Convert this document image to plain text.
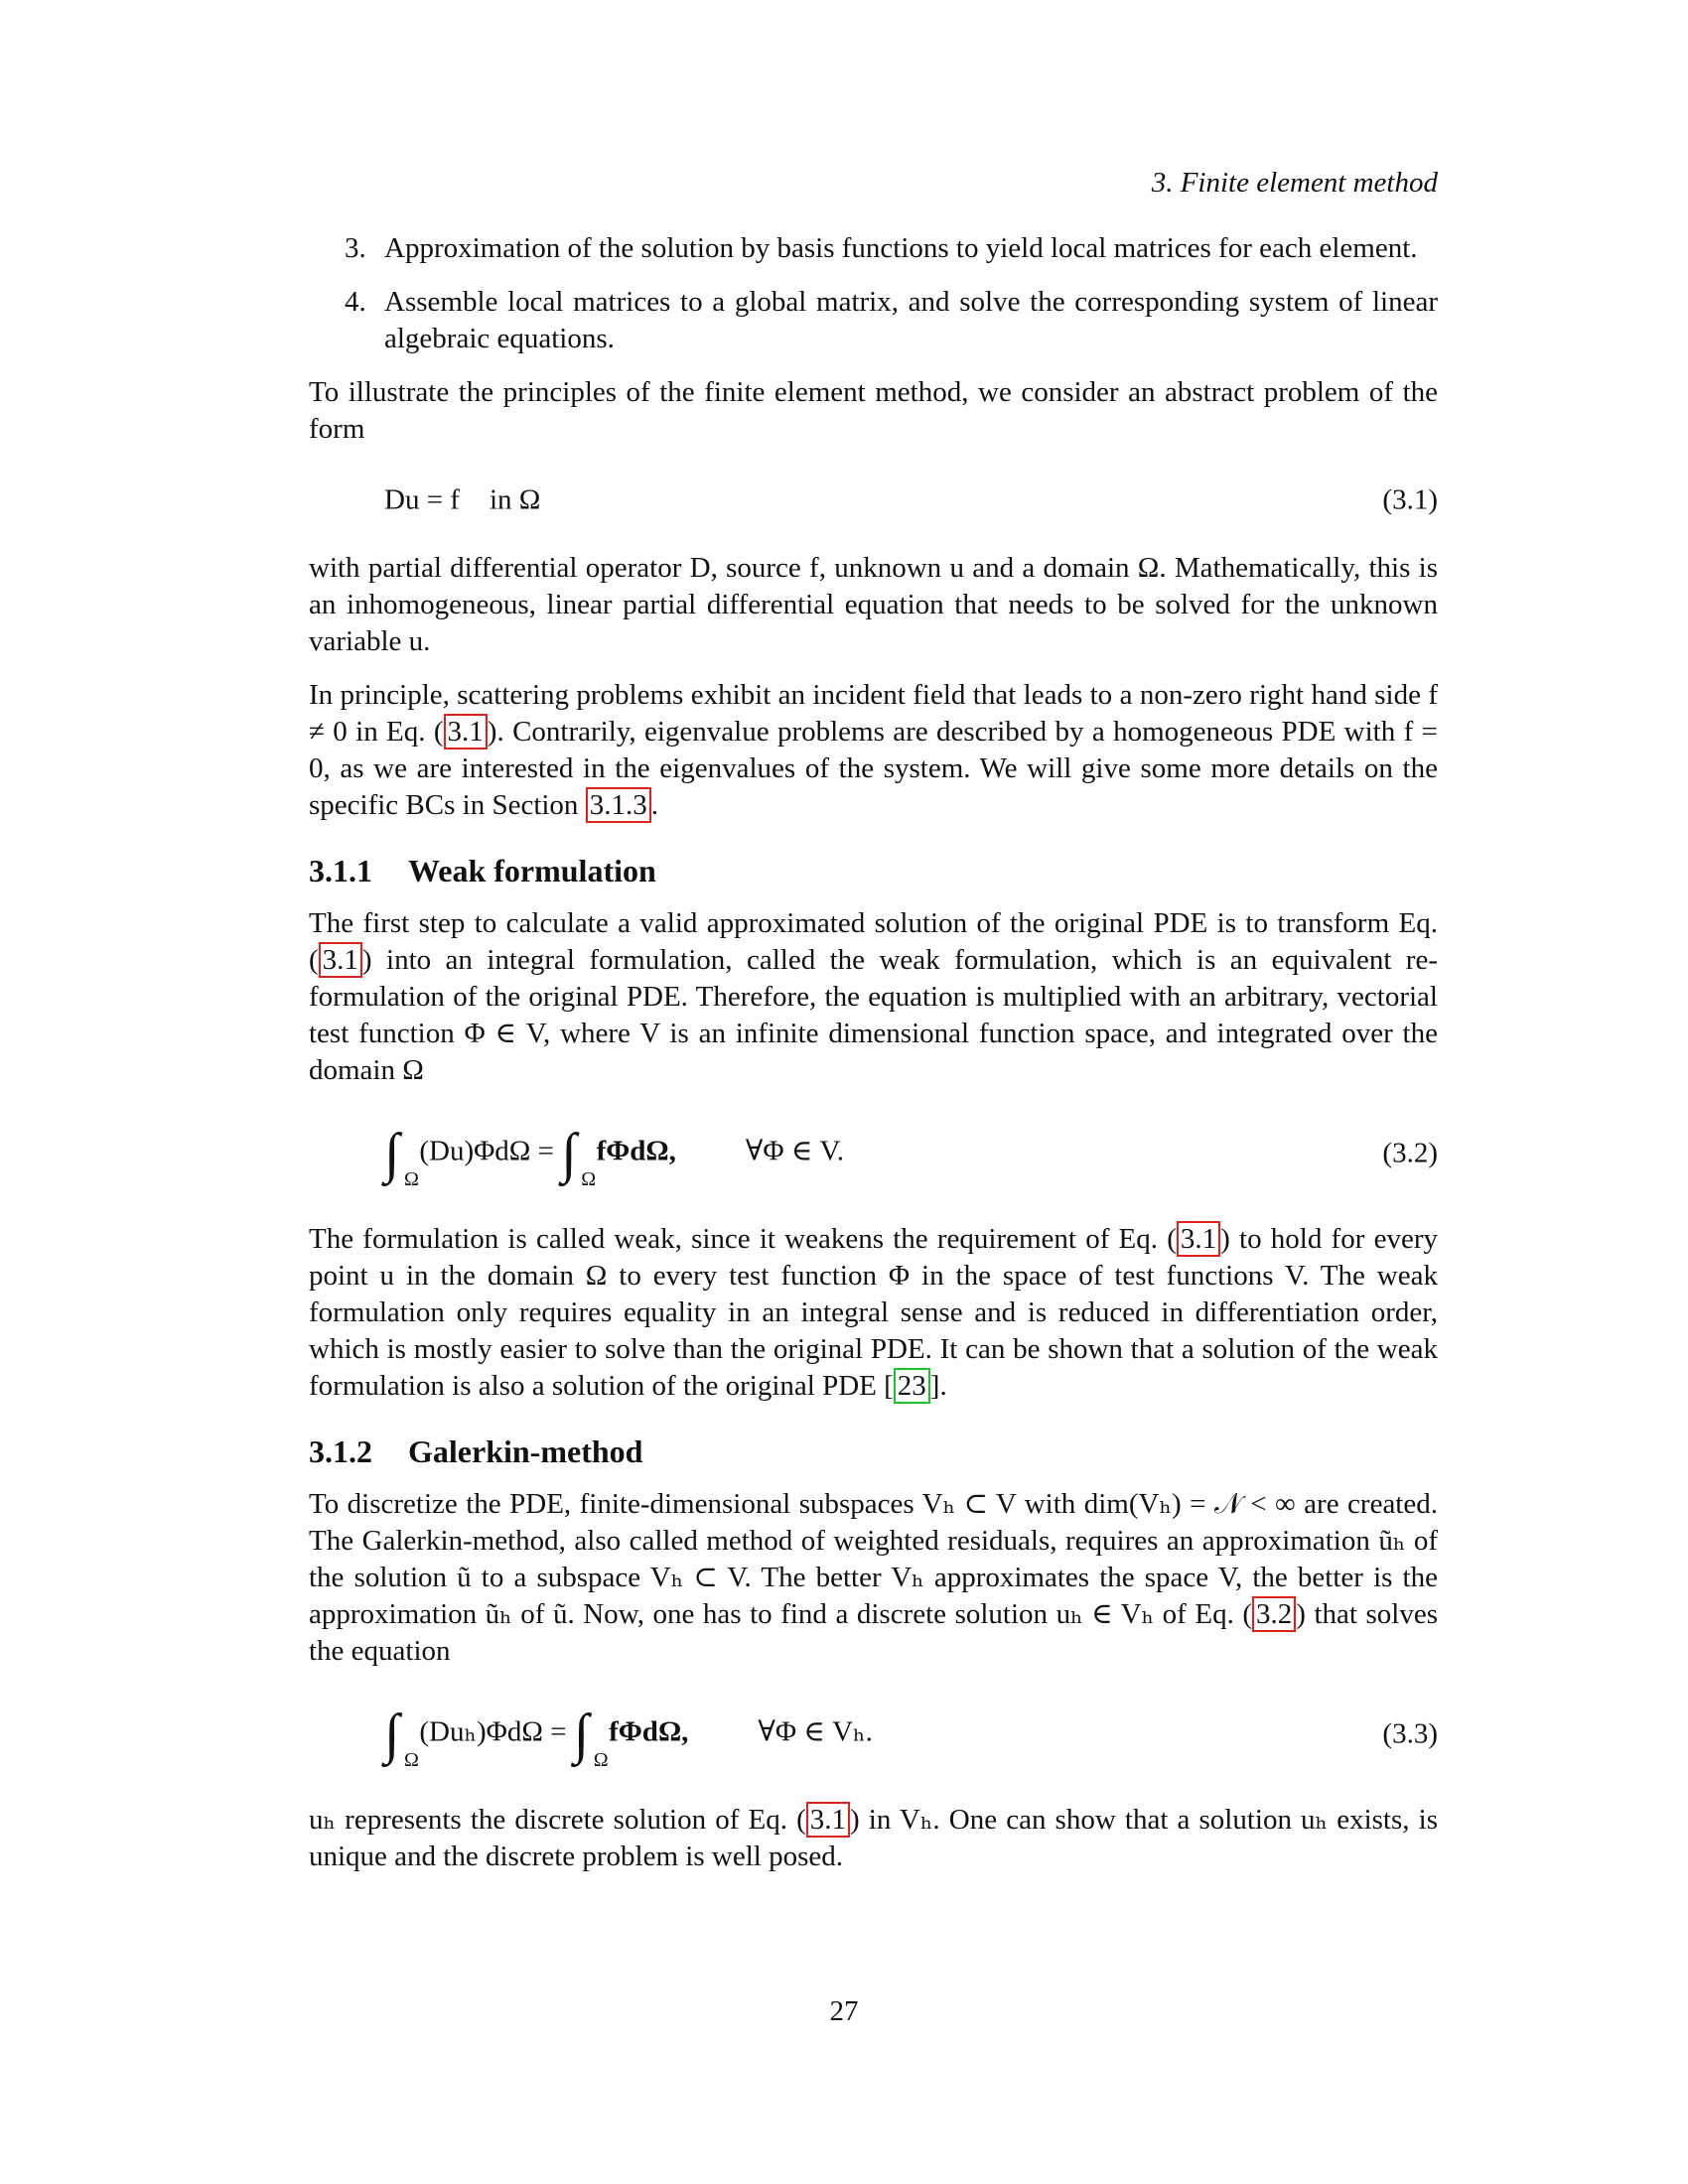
3. Finite element method
3. Approximation of the solution by basis functions to yield local matrices for each element.
4. Assemble local matrices to a global matrix, and solve the corresponding system of linear algebraic equations.

To illustrate the principles of the finite element method, we consider an abstract problem of the form

Du = f in Ω	(3.1)

with partial differential operator D, source f, unknown u and a domain Ω. Mathematically, this is an inhomogeneous, linear partial differential equation that needs to be solved for the unknown variable u.

In principle, scattering problems exhibit an incident field that leads to a non-zero right hand side f ≠ 0 in Eq. ( 3.1 ). Contrarily, eigenvalue problems are described by a homogeneous PDE with f = 0, as we are interested in the eigenvalues of the system. We will give some more details on the specific BCs in Section 3.1.3 .

3.1.1 Weak formulation

The first step to calculate a valid approximated solution of the original PDE is to transform Eq. ( 3.1 ) into an integral formulation, called the weak formulation, which is an equivalent re-formulation of the original PDE. Therefore, the equation is multiplied with an arbitrary, vectorial test function Φ ∈ V, where V is an infinite dimensional function space, and integrated over the domain Ω

∫ Ω
(Du)ΦdΩ = ∫ Ω
fΦdΩ, ∀Φ ∈ V.	(3.2)

The formulation is called weak, since it weakens the requirement of Eq. ( 3.1 ) to hold for every point u in the domain Ω to every test function Φ in the space of test functions V. The weak formulation only requires equality in an integral sense and is reduced in differentiation order, which is mostly easier to solve than the original PDE. It can be shown that a solution of the weak formulation is also a solution of the original PDE [ 23 ].

3.1.2 Galerkin-method

To discretize the PDE, finite-dimensional subspaces Vₕ ⊂ V with dim(Vₕ) = 𝒩 < ∞ are created. The Galerkin-method, also called method of weighted residuals, requires an approximation ũₕ of the solution ũ to a subspace Vₕ ⊂ V. The better Vₕ approximates the space V, the better is the approximation ũₕ of ũ. Now, one has to find a discrete solution uₕ ∈ Vₕ of Eq. ( 3.2 ) that solves the equation

∫ Ω
(Duₕ)ΦdΩ = ∫ Ω
fΦdΩ, ∀Φ ∈ Vₕ.	(3.3)

uₕ represents the discrete solution of Eq. ( 3.1 ) in Vₕ. One can show that a solution uₕ exists, is unique and the discrete problem is well posed.

27
